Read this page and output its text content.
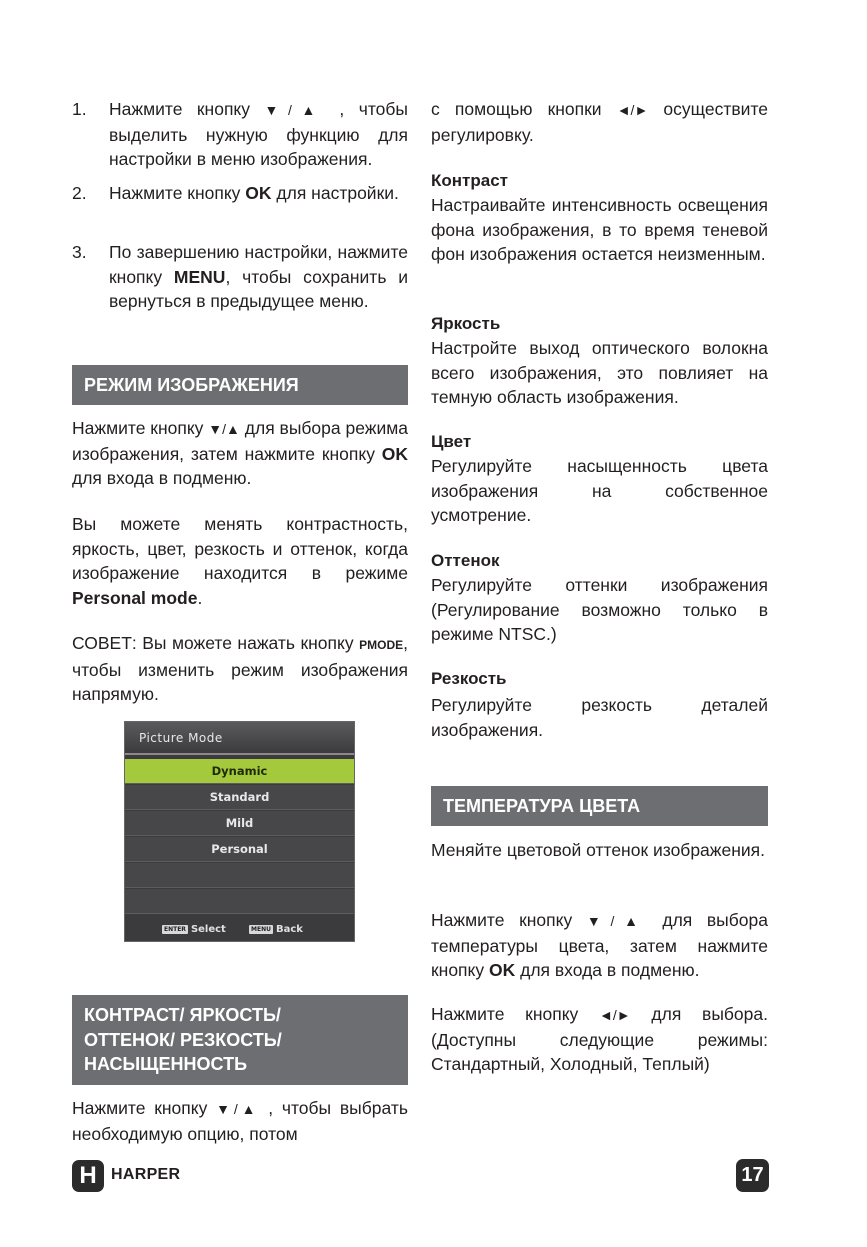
1. Нажмите кнопку ▼/▲ , чтобы выделить нужную функцию для настройки в меню изображения.
2. Нажмите кнопку OK для настройки.
3. По завершению настройки, нажмите кнопку MENU, чтобы сохранить и вернуться в предыдущее меню.
РЕЖИМ ИЗОБРАЖЕНИЯ

Нажмите кнопку ▼/▲ для выбора режима изображения, затем нажмите кнопку OK для входа в подменю.

Вы можете менять контрастность, яркость, цвет, резкость и оттенок, когда изображение находится в режиме Personal mode.

СОВЕТ: Вы можете нажать кнопку PMODE, чтобы изменить режим изображения напрямую.

КОНТРАСТ/ ЯРКОСТЬ/
ОТТЕНОК/ РЕЗКОСТЬ/
НАСЫЩЕННОСТЬ

Нажмите кнопку ▼/▲ , чтобы выбрать необходимую опцию, потом

Picture Mode
Dynamic
Standard
Mild
Personal
ENTER Select	MENU Back

с помощью кнопки ◄/► осуществите регулировку.

Контраст

Настраивайте интенсивность освещения фона изображения, в то время теневой фон изображения остается неизменным.

Яркость

Настройте выход оптического волокна всего изображения, это повлияет на темную область изображения.

Цвет

Регулируйте насыщенность цвета изображения на собственное усмотрение.

Оттенок

Регулируйте оттенки изображения (Регулирование возможно только в режиме NTSC.)

Резкость

Регулируйте резкость деталей изображения.

ТЕМПЕРАТУРА ЦВЕТА

Меняйте цветовой оттенок изображения.

Нажмите кнопку ▼/▲ для выбора температуры цвета, затем нажмите кнопку OK для входа в подменю.

Нажмите кнопку ◄/► для выбора. (Доступны следующие режимы: Стандартный, Холодный, Теплый)

H HARPER	17
